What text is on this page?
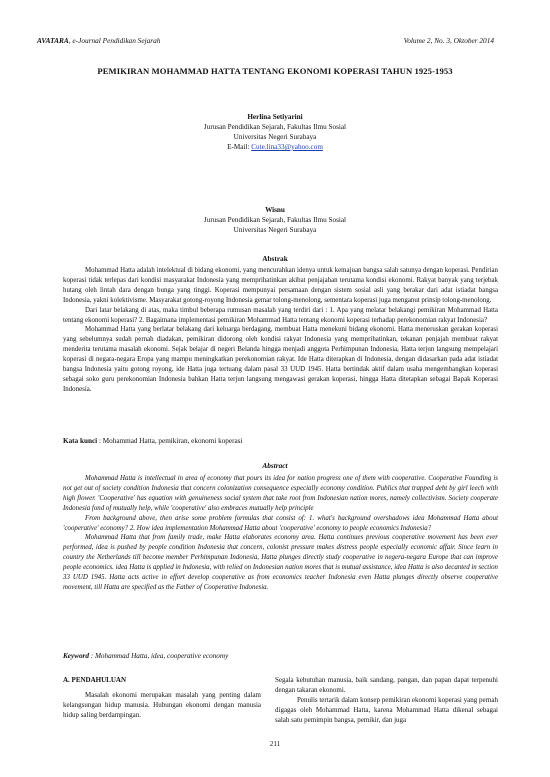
AVATARA, e-Journal Pendidikan Sejarah	Volume 2, No. 3, Oktober 2014
PEMIKIRAN MOHAMMAD HATTA TENTANG EKONOMI KOPERASI TAHUN 1925-1953
Herlina Setiyarini
Jurusan Pendidikan Sejarah, Fakultas Ilmu Sosial
Universitas Negeri Surabaya
E-Mail: Cute.lina33@yahoo.com
Wisnu
Jurusan Pendidikan Sejarah, Fakultas Ilmu Sosial
Universitas Negeri Surabaya
Abstrak

Mohammad Hatta adalah intelektual di bidang ekonomi, yang mencurahkan idenya untuk kemajuan bangsa salah satunya dengan koperasi. Pendirian koperasi tidak terlepas dari kondisi masyarakat Indonesia yang memprihatinkan akibat penjajahan terutama kondisi ekonomi. Rakyat banyak yang terjebak hutang oleh lintah dara dengan bunga yang tinggi. Koperasi mempunyai persamaan dengan sistem sosial asli yang berakar dari adat istiadat bangsa Indonesia, yakni kolektivisme. Masyarakat gotong-royong Indonesia gemar tolong-menolong, sementara koperasi juga menganut prinsip tolong-menolong.

Dari latar belakang di atas, maka timbul beberapa rumusan masalah yang terdiri dari : 1. Apa yang melatar belakangi pemikiran Mohammad Hatta tentang ekonomi koperasi? 2. Bagaimana implementasi pemikiran Mohammad Hatta tentang ekonomi koperasi terhadap perekonomian rakyat Indonesia?

Mohammad Hatta yang berlatar belakang dari keluarga berdagang, membuat Hatta menekuni bidang ekonomi. Hatta meneruskan gerakan koperasi yang sebelumnya sudah pernah diadakan, pemikiran didorong oleh kondisi rakyat Indonesia yang memprihatinkan, tekanan penjajah membuat rakyat menderita terutama masalah ekonomi. Sejak belajar di negeri Belanda hingga menjadi anggota Perhimpunan Indonesia, Hatta terjun langsung mempelajari koperasi di negara-negara Eropa yang mampu meningkatkan perekonomian rakyat. Ide Hatta diterapkan di Indonesia, dengan didasarkan pada adat istiadat bangsa Indonesia yaitu gotong royong, ide Hatta juga tertuang dalam pasal 33 UUD 1945. Hatta bertindak aktif dalam usaha mengembangkan koperasi sebagai soko guru perekonomian Indonesia bahkan Hatta terjun langsung mengawasi gerakan koperasi, hingga Hatta ditetapkan sebagai Bapak Koperasi Indonesia.

Kata kunci : Mohammad Hatta, pemikiran, ekonomi koperasi
Abstract

Mohammad Hatta is intellectual in area of economy that pours its idea for nation progress one of them with cooperative. Cooperative Founding is not get out of society condition Indonesia that concern colonization consequence especially economy condition. Publics that trapped debt by girl leech with high flower. 'Cooperative' has equation with genuineness social system that take root from Indonesian nation mores, namely collectivism. Society cooperate Indonesia fond of mutually help, while 'cooperative' also embraces mutually help principle

From background above, then arise some problem formulas that consist of: 1. what's background overshadows idea Mohammad Hatta about 'cooperative' economy? 2. How idea implementation Mohammad Hatta about 'cooperative' economy to people economics Indonesia?

Mohammad Hatta that from family trade, make Hatta elaborates economy area. Hatta continues previous cooperative movement has been ever performed, idea is pushed by people condition Indonesia that concern, colonist pressure makes distress people especially economic affair. Since learn in country the Netherlands till become member Perhimpunan Indonesia, Hatta plunges directly study cooperative in negera-negara Europe that can improve people economics. idea Hatta is applied in Indonesia, with relied on Indonesian nation mores that is mutual assistance, idea Hatta is also decanted in section 33 UUD 1945. Hatta acts active in effort develop cooperative as from economics teacher Indonesia even Hatta plunges directly observe cooperative movement, till Hatta are specified as the Father of Cooperative Indonesia.

Keyword : Mohammad Hatta, idea, cooperative economy
A. PENDAHULUAN

Masalah ekonomi merupakan masalah yang penting dalam kelangsungan hidup manusia. Hubungan ekonomi dengan manusia hidup saling berdampingan.

Segala kebutuhan manusia, baik sandang, pangan, dan papan dapat terpenuhi dengan takaran ekonomi.

Penulis tertarik dalam konsep pemikiran ekonomi koperasi yang pernah digagas oleh Mohammad Hatta, karena Mohammad Hatta dikenal sebagai salah satu pemimpin bangsa, pemikir, dan juga

211
